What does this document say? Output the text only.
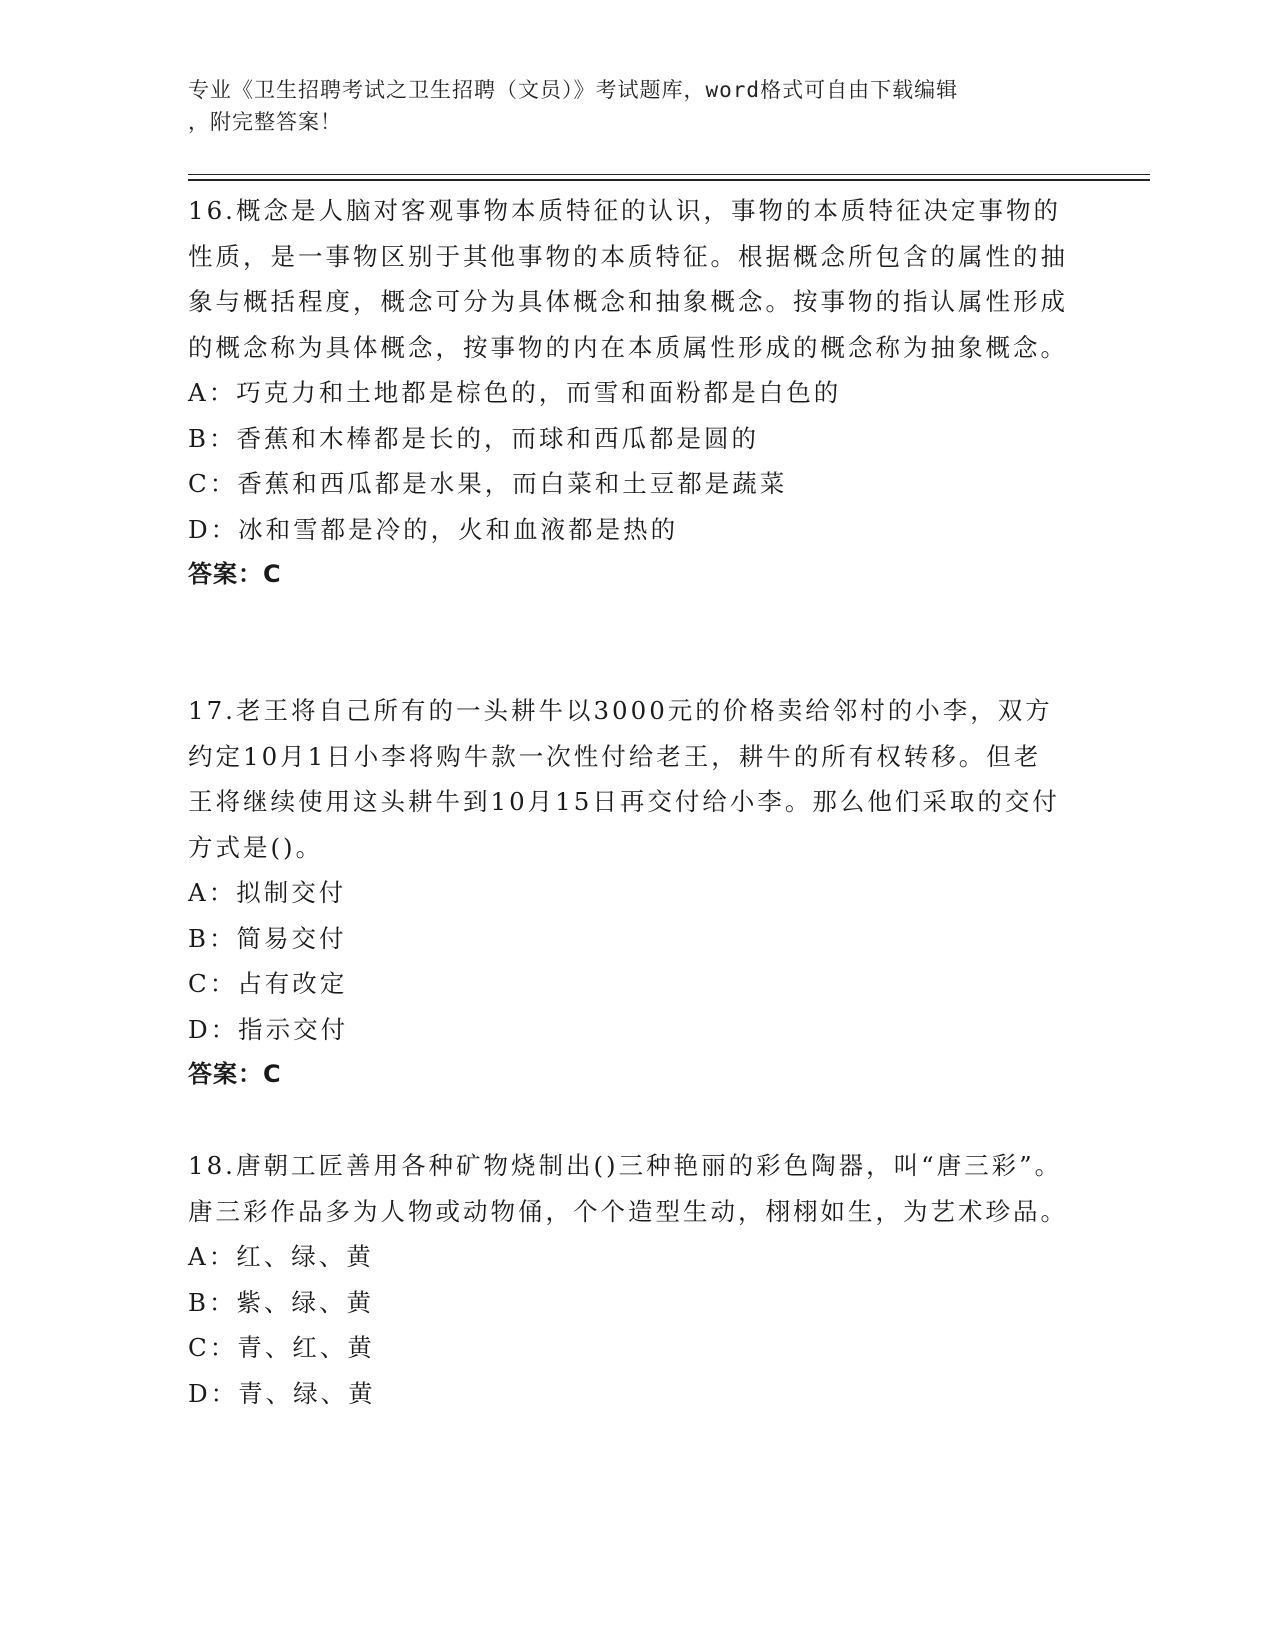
专业《卫生招聘考试之卫生招聘（文员）》考试题库，word格式可自由下载编辑
，附完整答案！

16.概念是人脑对客观事物本质特征的认识，事物的本质特征决定事物的性质，是一事物区别于其他事物的本质特征。根据概念所包含的属性的抽象与概括程度，概念可分为具体概念和抽象概念。按事物的指认属性形成的概念称为具体概念，按事物的内在本质属性形成的概念称为抽象概念。

A：巧克力和土地都是棕色的，而雪和面粉都是白色的

B：香蕉和木棒都是长的，而球和西瓜都是圆的

C：香蕉和西瓜都是水果，而白菜和土豆都是蔬菜

D：冰和雪都是冷的，火和血液都是热的

答案：C

17.老王将自己所有的一头耕牛以3000元的价格卖给邻村的小李，双方约定10月1日小李将购牛款一次性付给老王，耕牛的所有权转移。但老王将继续使用这头耕牛到10月15日再交付给小李。那么他们采取的交付方式是()。

A：拟制交付

B：简易交付

C：占有改定

D：指示交付

答案：C

18.唐朝工匠善用各种矿物烧制出()三种艳丽的彩色陶器，叫“唐三彩”。唐三彩作品多为人物或动物俑，个个造型生动，栩栩如生，为艺术珍品。

A：红、绿、黄

B：紫、绿、黄

C：青、红、黄

D：青、绿、黄
